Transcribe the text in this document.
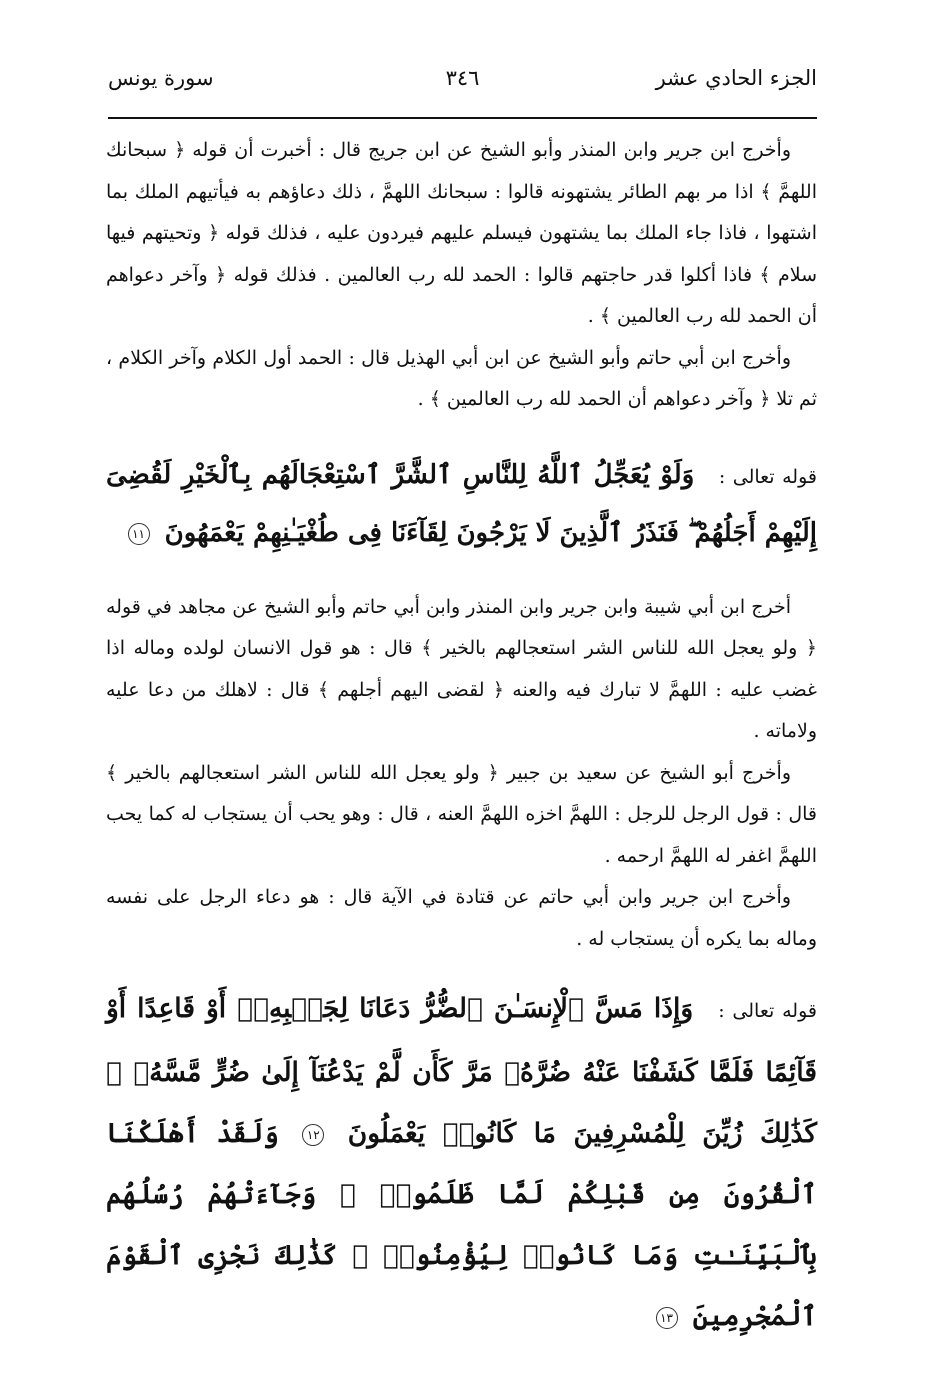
الجزء الحادي عشر
٣٤٦
سورة يونس

وأخرج ابن جرير وابن المنذر وأبو الشيخ عن ابن جريج قال : أخبرت أن قوله ﴿ سبحانك اللهمَّ ﴾ اذا مر بهم الطائر يشتهونه قالوا : سبحانك اللهمَّ ، ذلك دعاؤهم به فيأتيهم الملك بما اشتهوا ، فاذا جاء الملك بما يشتهون فيسلم عليهم فيردون عليه ، فذلك قوله ﴿ وتحيتهم فيها سلام ﴾ فاذا أكلوا قدر حاجتهم قالوا : الحمد لله رب العالمين . فذلك قوله ﴿ وآخر دعواهم أن الحمد لله رب العالمين ﴾ .

وأخرج ابن أبي حاتم وأبو الشيخ عن ابن أبي الهذيل قال : الحمد أول الكلام وآخر الكلام ، ثم تلا ﴿ وآخر دعواهم أن الحمد لله رب العالمين ﴾ .

قوله تعالى : وَلَوْ يُعَجِّلُ ٱللَّهُ لِلنَّاسِ ٱلشَّرَّ ٱسْتِعْجَالَهُم بِٱلْخَيْرِ لَقُضِىَ إِلَيْهِمْ أَجَلُهُمْ ۖ فَنَذَرُ ٱلَّذِينَ لَا يَرْجُونَ لِقَآءَنَا فِى طُغْيَـٰنِهِمْ يَعْمَهُونَ ١١

أخرج ابن أبي شيبة وابن جرير وابن المنذر وابن أبي حاتم وأبو الشيخ عن مجاهد في قوله ﴿ ولو يعجل الله للناس الشر استعجالهم بالخير ﴾ قال : هو قول الانسان لولده وماله اذا غضب عليه : اللهمَّ لا تبارك فيه والعنه ﴿ لقضى اليهم أجلهم ﴾ قال : لاهلك من دعا عليه ولاماته .

وأخرج أبو الشيخ عن سعيد بن جبير ﴿ ولو يعجل الله للناس الشر استعجالهم بالخير ﴾ قال : قول الرجل للرجل : اللهمَّ اخزه اللهمَّ العنه ، قال : وهو يحب أن يستجاب له كما يحب اللهمَّ اغفر له اللهمَّ ارحمه .

وأخرج ابن جرير وابن أبي حاتم عن قتادة في الآية قال : هو دعاء الرجل على نفسه وماله بما يكره أن يستجاب له .

قوله تعالى : وَإِذَا مَسَّ ٱلْإِنسَـٰنَ ٱلضُّرُّ دَعَانَا لِجَنۢبِهِۦٓ أَوْ قَاعِدًا أَوْ قَآئِمًا فَلَمَّا كَشَفْنَا عَنْهُ ضُرَّهُۥ مَرَّ كَأَن لَّمْ يَدْعُنَآ إِلَىٰ ضُرٍّ مَّسَّهُۥ ۚ كَذَٰلِكَ زُيِّنَ لِلْمُسْرِفِينَ مَا كَانُوا۟ يَعْمَلُونَ ١٢ وَلَقَدْ أَهْلَكْنَا ٱلْقُرُونَ مِن قَبْلِكُمْ لَمَّا ظَلَمُوا۟ ۙ وَجَآءَتْهُمْ رُسُلُهُم بِٱلْبَيِّنَـٰتِ وَمَا كَانُوا۟ لِيُؤْمِنُوا۟ ۚ كَذَٰلِكَ نَجْزِى ٱلْقَوْمَ ٱلْمُجْرِمِينَ ١٣
